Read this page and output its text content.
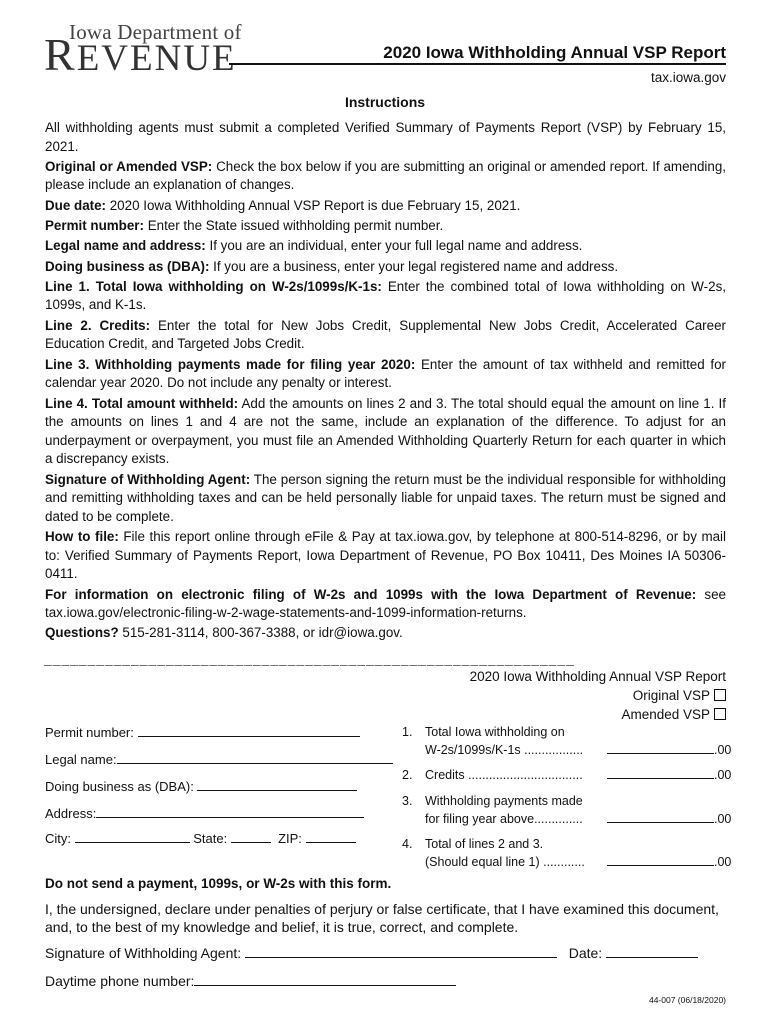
Iowa Department of
REVENUE	2020 Iowa Withholding Annual VSP Report
tax.iowa.gov
Instructions

All withholding agents must submit a completed Verified Summary of Payments Report (VSP) by February 15, 2021.

Original or Amended VSP: Check the box below if you are submitting an original or amended report. If amending, please include an explanation of changes.

Due date: 2020 Iowa Withholding Annual VSP Report is due February 15, 2021.

Permit number: Enter the State issued withholding permit number.

Legal name and address: If you are an individual, enter your full legal name and address.

Doing business as (DBA): If you are a business, enter your legal registered name and address.

Line 1. Total Iowa withholding on W-2s/1099s/K-1s: Enter the combined total of Iowa withholding on W-2s, 1099s, and K-1s.

Line 2. Credits: Enter the total for New Jobs Credit, Supplemental New Jobs Credit, Accelerated Career Education Credit, and Targeted Jobs Credit.

Line 3. Withholding payments made for filing year 2020: Enter the amount of tax withheld and remitted for calendar year 2020. Do not include any penalty or interest.

Line 4. Total amount withheld: Add the amounts on lines 2 and 3. The total should equal the amount on line 1. If the amounts on lines 1 and 4 are not the same, include an explanation of the difference. To adjust for an underpayment or overpayment, you must file an Amended Withholding Quarterly Return for each quarter in which a discrepancy exists.

Signature of Withholding Agent: The person signing the return must be the individual responsible for withholding and remitting withholding taxes and can be held personally liable for unpaid taxes. The return must be signed and dated to be complete.

How to file: File this report online through eFile & Pay at tax.iowa.gov, by telephone at 800-514-8296, or by mail to: Verified Summary of Payments Report, Iowa Department of Revenue, PO Box 10411, Des Moines IA 50306-0411.

For information on electronic filing of W-2s and 1099s with the Iowa Department of Revenue: see tax.iowa.gov/electronic-filing-w-2-wage-statements-and-1099-information-returns.

Questions? 515-281-3114, 800-367-3388, or idr@iowa.gov.

_____________________________________________________________
2020 Iowa Withholding Annual VSP Report
Original VSP
Amended VSP
Permit number:
Legal name:
Doing business as (DBA):
Address:
City:	State:	ZIP:
1. Total Iowa withholding on
W-2s/1099s/K-1s .................	.00
2. Credits .................................	.00
3. Withholding payments made
for filing year above..............	.00
4. Total of lines 2 and 3.
(Should equal line 1) ............	.00
Do not send a payment, 1099s, or W-2s with this form.
I, the undersigned, declare under penalties of perjury or false certificate, that I have examined this document, and, to the best of my knowledge and belief, it is true, correct, and complete.
Signature of Withholding Agent:	Date:
Daytime phone number:
44-007 (06/18/2020)
